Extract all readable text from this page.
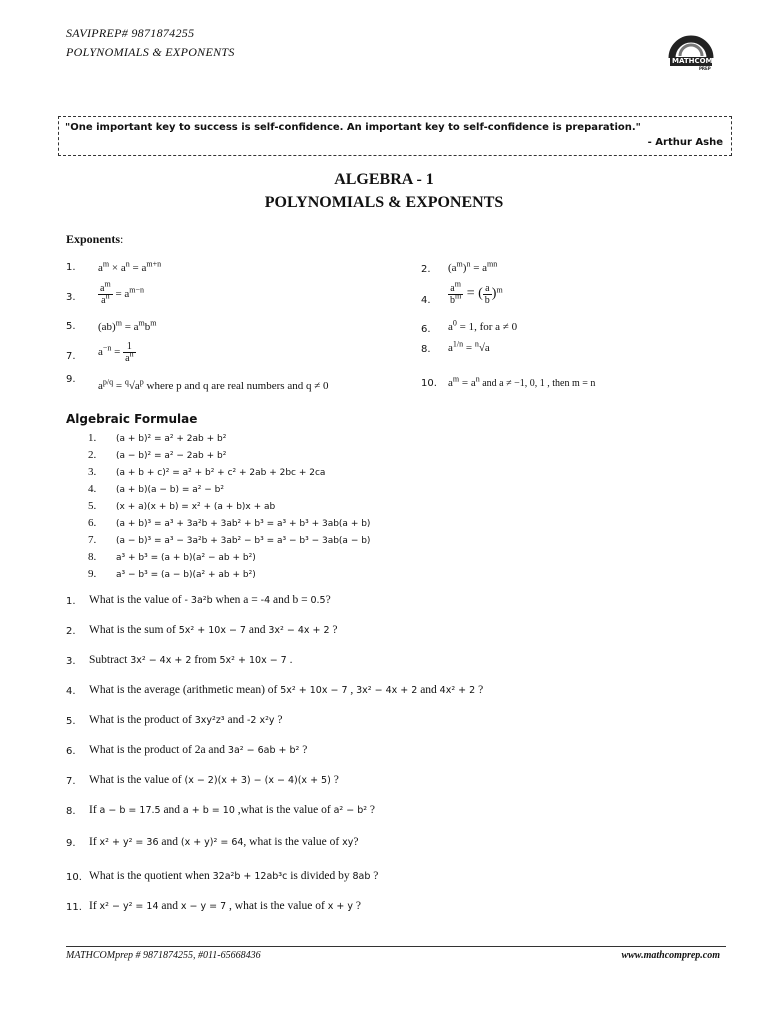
SAVIPREP# 9871874255
POLYNOMIALS & EXPONENTS
MATHCOM
PREP
"One important key to success is self-confidence. An important key to self-confidence is preparation."
- Arthur Ashe
ALGEBRA - 1
POLYNOMIALS & EXPONENTS
Exponents:
1. $a^m \times a^n = a^{m+n}$
2. $(a^m)^n = a^{mn}$
3. $\frac{a^m}{a^n} = a^{m-n}$
4. $\frac{a^m}{b^m}$ = ( $\frac{a}{b} )^m$
5. $(ab)^m = a^mb^m$
6. $a^0 = 1$, for a ≠ 0
7. $a^{-n} = \frac{1}{a^n}$	8. $a^{1/n} = ^n√a$
9.
$a^{p/q} = ^q√a^p$ where p and q are real numbers and q ≠ 0	10. $a^m = a^n$ and a ≠ −1, 0, 1 , then m = n
Algebraic Formulae
1. (a + b)² = a² + 2ab + b²
2. (a − b)² = a² − 2ab + b²
3. (a + b + c)² = a² + b² + c² + 2ab + 2bc + 2ca
4. (a + b)(a − b) = a² − b²
5. (x + a)(x + b) = x² + (a + b)x + ab
6. (a + b)³ = a³ + 3a²b + 3ab² + b³ = a³ + b³ + 3ab(a + b)
7. (a − b)³ = a³ − 3a²b + 3ab² − b³ = a³ − b³ − 3ab(a − b)
8. a³ + b³ = (a + b)(a² − ab + b²)
9. a³ − b³ = (a − b)(a² + ab + b²)
1. What is the value of - 3a²b when a = -4 and b = 0.5?
2. What is the sum of 5x² + 10x − 7 and 3x² − 4x + 2 ?
3. Subtract 3x² − 4x + 2 from 5x² + 10x − 7 .
4. What is the average (arithmetic mean) of 5x² + 10x − 7 , 3x² − 4x + 2 and 4x² + 2 ?
5. What is the product of 3xy²z³ and -2 x²y ?
6. What is the product of 2a and 3a² − 6ab + b² ?
7. What is the value of (x − 2)(x + 3) − (x − 4)(x + 5) ?
8. If a − b = 17.5 and a + b = 10 ,what is the value of a² − b² ?
9. If x² + y² = 36 and (x + y)² = 64, what is the value of xy?
10. What is the quotient when 32a²b + 12ab³c is divided by 8ab ?
11. If x² − y² = 14 and x − y = 7 , what is the value of x + y ?
MATHCOMprep # 9871874255, #011-65668436	www.mathcomprep.com
